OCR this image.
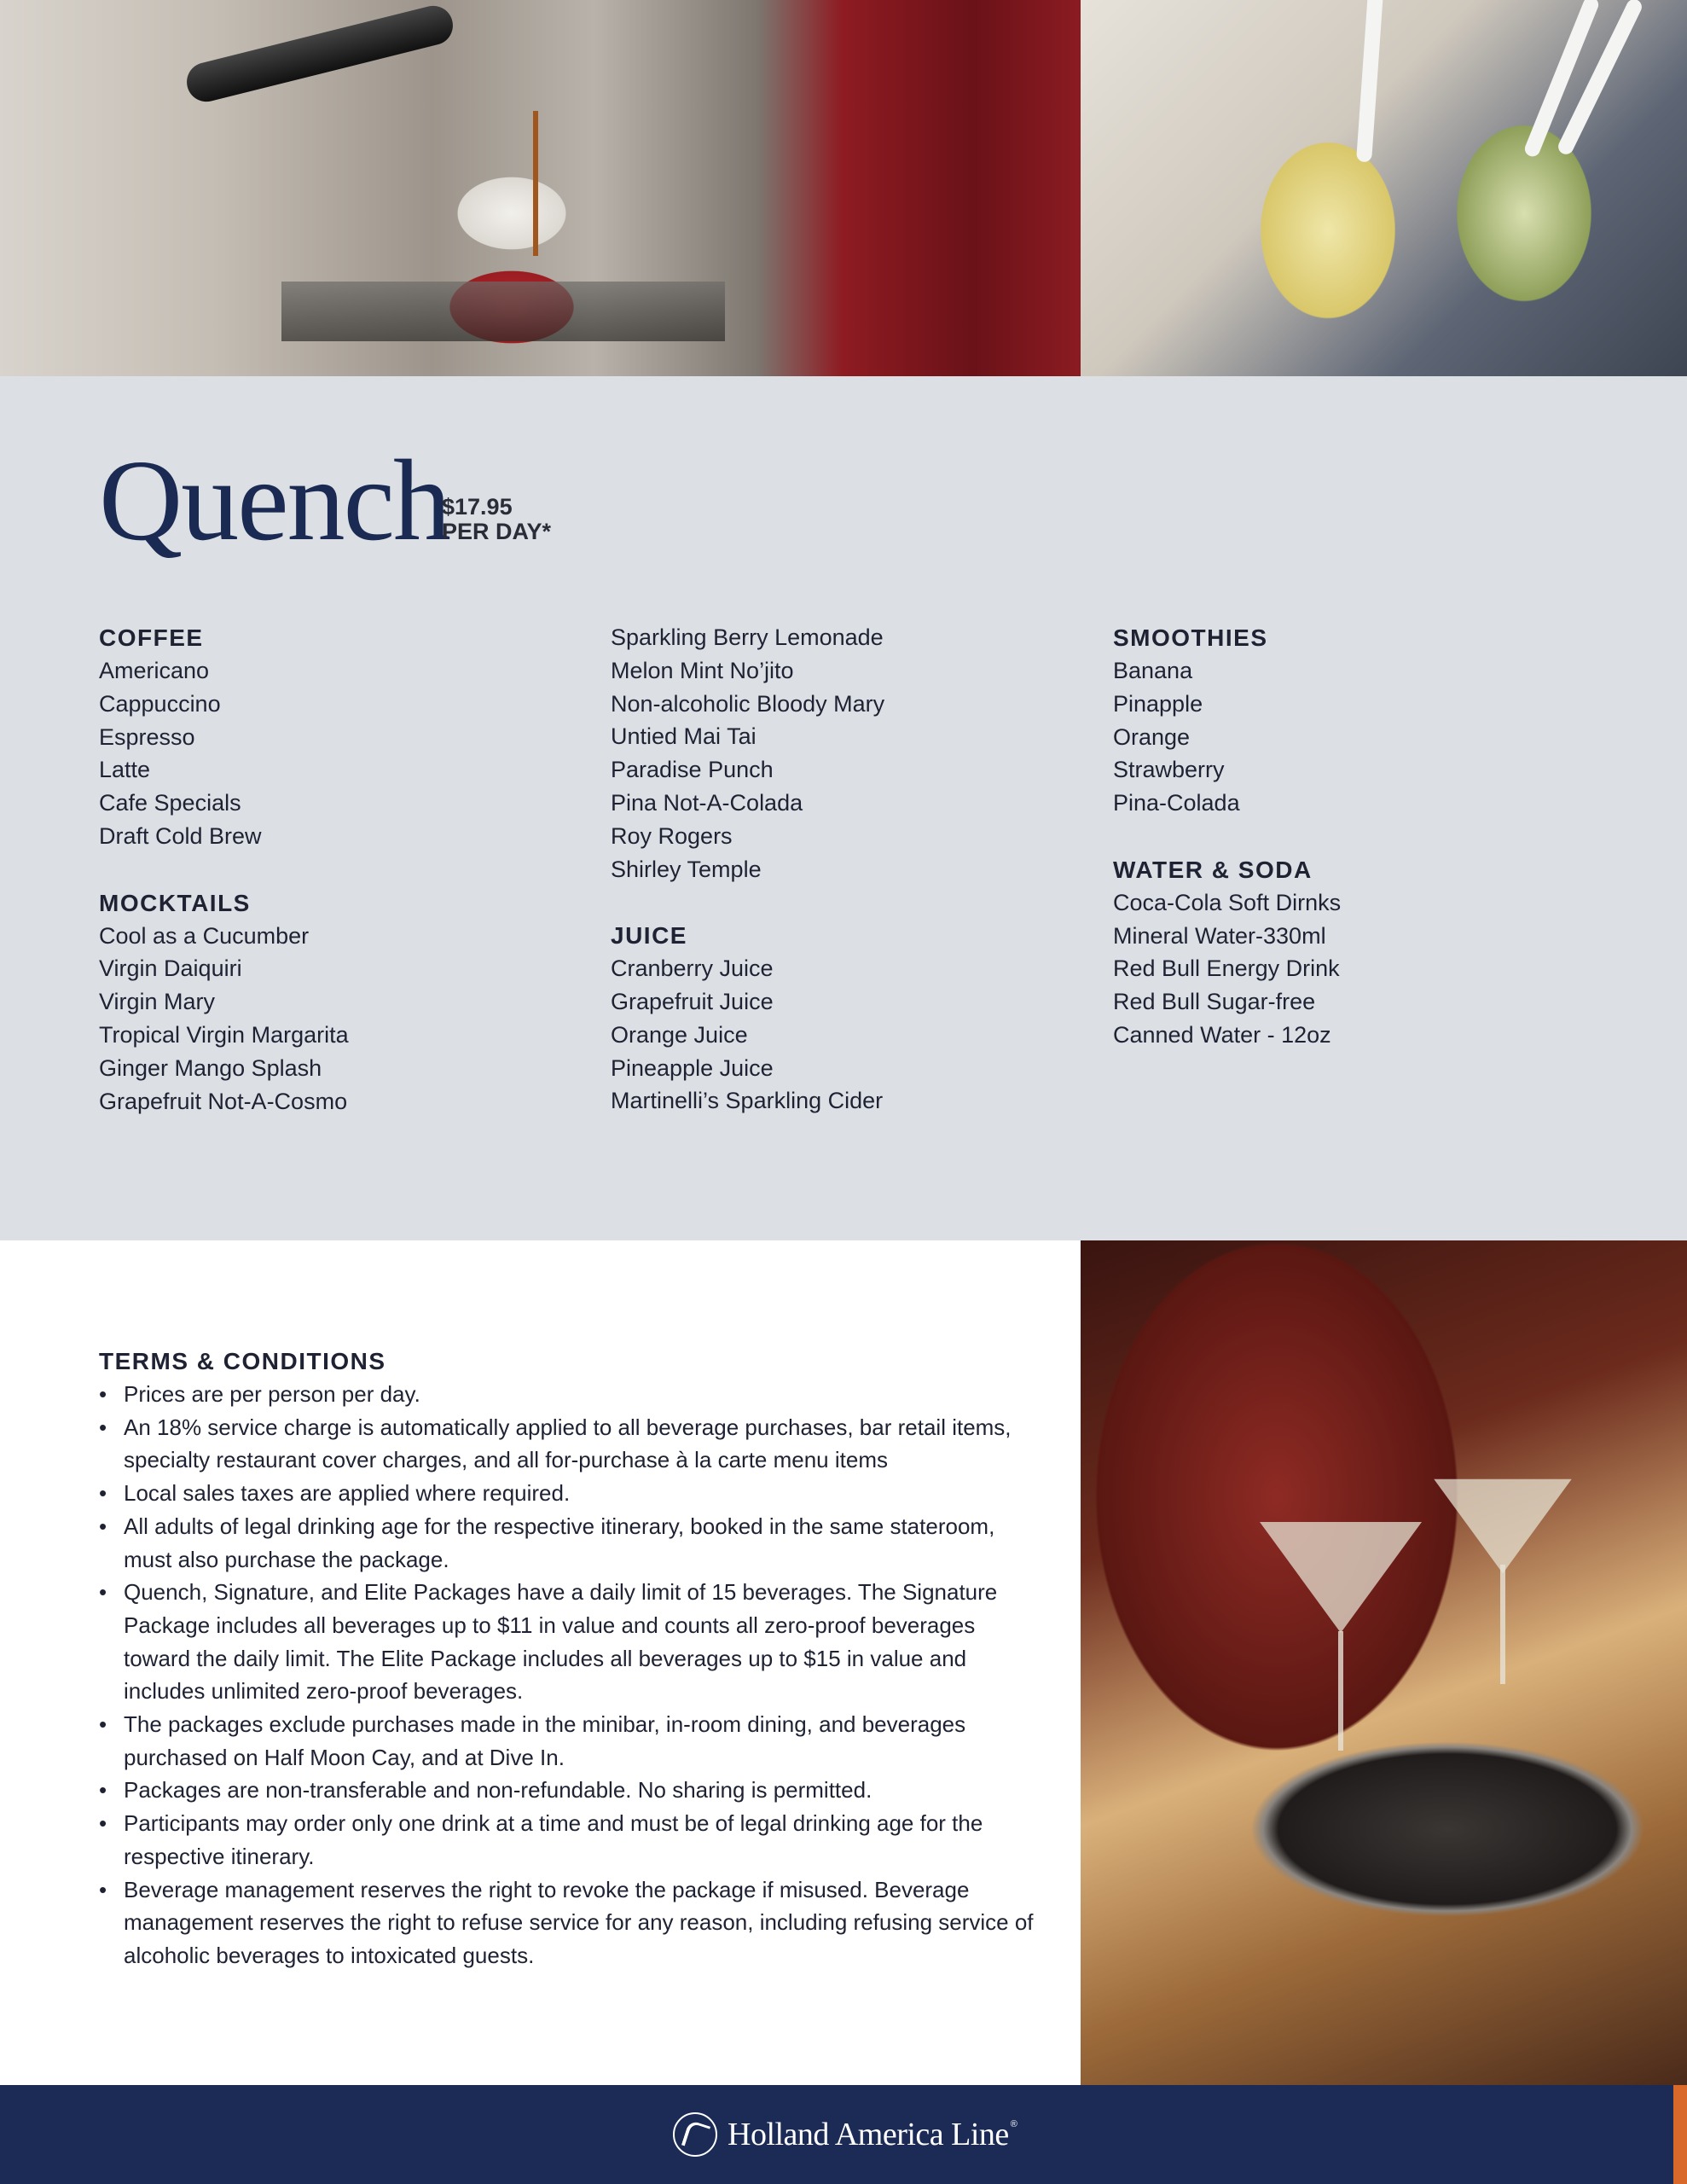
Quench
$17.95
PER DAY*
COFFEE
Americano
Cappuccino
Espresso
Latte
Cafe Specials
Draft Cold Brew
MOCKTAILS
Cool as a Cucumber
Virgin Daiquiri
Virgin Mary
Tropical Virgin Margarita
Ginger Mango Splash
Grapefruit Not-A-Cosmo
Sparkling Berry Lemonade
Melon Mint No’jito
Non-alcoholic Bloody Mary
Untied Mai Tai
Paradise Punch
Pina Not-A-Colada
Roy Rogers
Shirley Temple
JUICE
Cranberry Juice
Grapefruit Juice
Orange Juice
Pineapple Juice
Martinelli’s Sparkling Cider
SMOOTHIES
Banana
Pinapple
Orange
Strawberry
Pina-Colada
WATER & SODA
Coca-Cola Soft Dirnks
Mineral Water-330ml
Red Bull Energy Drink
Red Bull Sugar-free
Canned Water - 12oz
TERMS & CONDITIONS
• Prices are per person per day.
• An 18% service charge is automatically applied to all beverage purchases, bar retail items, specialty restaurant cover charges, and all for-purchase à la carte menu items
• Local sales taxes are applied where required.
• All adults of legal drinking age for the respective itinerary, booked in the same stateroom, must also purchase the package.
• Quench, Signature, and Elite Packages have a daily limit of 15 beverages. The Signature Package includes all beverages up to $11 in value and counts all zero-proof beverages toward the daily limit. The Elite Package includes all beverages up to $15 in value and includes unlimited zero-proof beverages.
• The packages exclude purchases made in the minibar, in-room dining, and beverages purchased on Half Moon Cay, and at Dive In.
• Packages are non-transferable and non-refundable. No sharing is permitted.
• Participants may order only one drink at a time and must be of legal drinking age for the respective itinerary.
• Beverage management reserves the right to revoke the package if misused. Beverage management reserves the right to refuse service for any reason, including refusing service of alcoholic beverages to intoxicated guests.
Holland America Line ®
